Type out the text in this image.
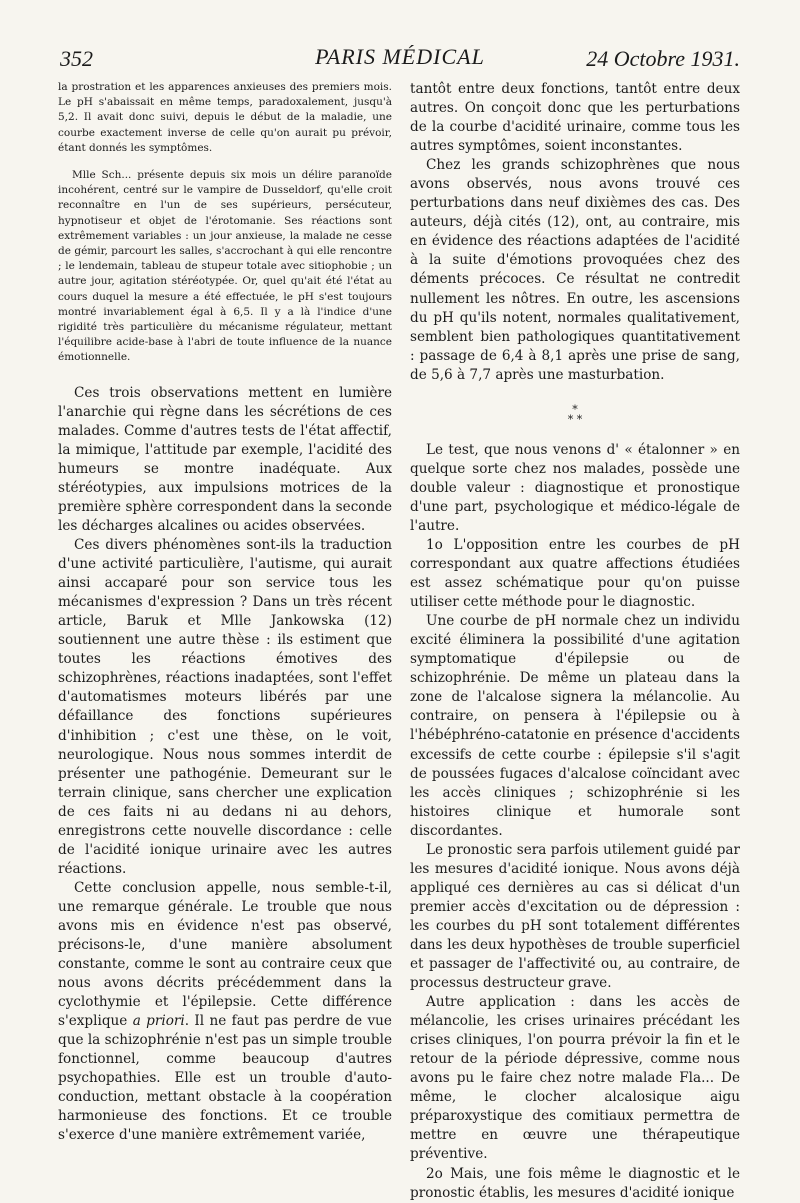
352	PARIS MÉDICAL	24 Octobre 1931.

la prostration et les apparences anxieuses des premiers mois. Le pH s'abaissait en même temps, paradoxalement, jusqu'à 5,2. Il avait donc suivi, depuis le début de la maladie, une courbe exactement inverse de celle qu'on aurait pu prévoir, étant donnés les symptômes.

Mlle Sch... présente depuis six mois un délire paranoïde incohérent, centré sur le vampire de Dusseldorf, qu'elle croit reconnaître en l'un de ses supérieurs, persécuteur, hypnotiseur et objet de l'érotomanie. Ses réactions sont extrêmement variables : un jour anxieuse, la malade ne cesse de gémir, parcourt les salles, s'accrochant à qui elle rencontre ; le lendemain, tableau de stupeur totale avec sitiophobie ; un autre jour, agitation stéréotypée. Or, quel qu'ait été l'état au cours duquel la mesure a été effectuée, le pH s'est toujours montré invariablement égal à 6,5. Il y a là l'indice d'une rigidité très particulière du mécanisme régulateur, mettant l'équilibre acide-base à l'abri de toute influence de la nuance émotionnelle.

Ces trois observations mettent en lumière l'anarchie qui règne dans les sécrétions de ces malades. Comme d'autres tests de l'état affectif, la mimique, l'attitude par exemple, l'acidité des humeurs se montre inadéquate. Aux stéréotypies, aux impulsions motrices de la première sphère correspondent dans la seconde les décharges alcalines ou acides observées.

Ces divers phénomènes sont-ils la traduction d'une activité particulière, l'autisme, qui aurait ainsi accaparé pour son service tous les mécanismes d'expression ? Dans un très récent article, Baruk et Mlle Jankowska (12) soutiennent une autre thèse : ils estiment que toutes les réactions émotives des schizophrènes, réactions inadaptées, sont l'effet d'automatismes moteurs libérés par une défaillance des fonctions supérieures d'inhibition ; c'est une thèse, on le voit, neurologique. Nous nous sommes interdit de présenter une pathogénie. Demeurant sur le terrain clinique, sans chercher une explication de ces faits ni au dedans ni au dehors, enregistrons cette nouvelle discordance : celle de l'acidité ionique urinaire avec les autres réactions.

Cette conclusion appelle, nous semble-t-il, une remarque générale. Le trouble que nous avons mis en évidence n'est pas observé, précisons-le, d'une manière absolument constante, comme le sont au contraire ceux que nous avons décrits précédemment dans la cyclothymie et l'épilepsie. Cette différence s'explique a priori. Il ne faut pas perdre de vue que la schizophrénie n'est pas un simple trouble fonctionnel, comme beaucoup d'autres psychopathies. Elle est un trouble d'auto-conduction, mettant obstacle à la coopération harmonieuse des fonctions. Et ce trouble s'exerce d'une manière extrêmement variée,

tantôt entre deux fonctions, tantôt entre deux autres. On conçoit donc que les perturbations de la courbe d'acidité urinaire, comme tous les autres symptômes, soient inconstantes.

Chez les grands schizophrènes que nous avons observés, nous avons trouvé ces perturbations dans neuf dixièmes des cas. Des auteurs, déjà cités (12), ont, au contraire, mis en évidence des réactions adaptées de l'acidité à la suite d'émotions provoquées chez des déments précoces. Ce résultat ne contredit nullement les nôtres. En outre, les ascensions du pH qu'ils notent, normales qualitativement, semblent bien pathologiques quantitativement : passage de 6,4 à 8,1 après une prise de sang, de 5,6 à 7,7 après une masturbation.

*
* *

Le test, que nous venons d' « étalonner » en quelque sorte chez nos malades, possède une double valeur : diagnostique et pronostique d'une part, psychologique et médico-légale de l'autre.

1o L'opposition entre les courbes de pH correspondant aux quatre affections étudiées est assez schématique pour qu'on puisse utiliser cette méthode pour le diagnostic.

Une courbe de pH normale chez un individu excité éliminera la possibilité d'une agitation symptomatique d'épilepsie ou de schizophrénie. De même un plateau dans la zone de l'alcalose signera la mélancolie. Au contraire, on pensera à l'épilepsie ou à l'hébéphréno-catatonie en présence d'accidents excessifs de cette courbe : épilepsie s'il s'agit de poussées fugaces d'alcalose coïncidant avec les accès cliniques ; schizophrénie si les histoires clinique et humorale sont discordantes.

Le pronostic sera parfois utilement guidé par les mesures d'acidité ionique. Nous avons déjà appliqué ces dernières au cas si délicat d'un premier accès d'excitation ou de dépression : les courbes du pH sont totalement différentes dans les deux hypothèses de trouble superficiel et passager de l'affectivité ou, au contraire, de processus destructeur grave.

Autre application : dans les accès de mélancolie, les crises urinaires précédant les crises cliniques, l'on pourra prévoir la fin et le retour de la période dépressive, comme nous avons pu le faire chez notre malade Fla... De même, le clocher alcalosique aigu préparoxystique des comitiaux permettra de mettre en œuvre une thérapeutique préventive.

2o Mais, une fois même le diagnostic et le pronostic établis, les mesures d'acidité ionique
